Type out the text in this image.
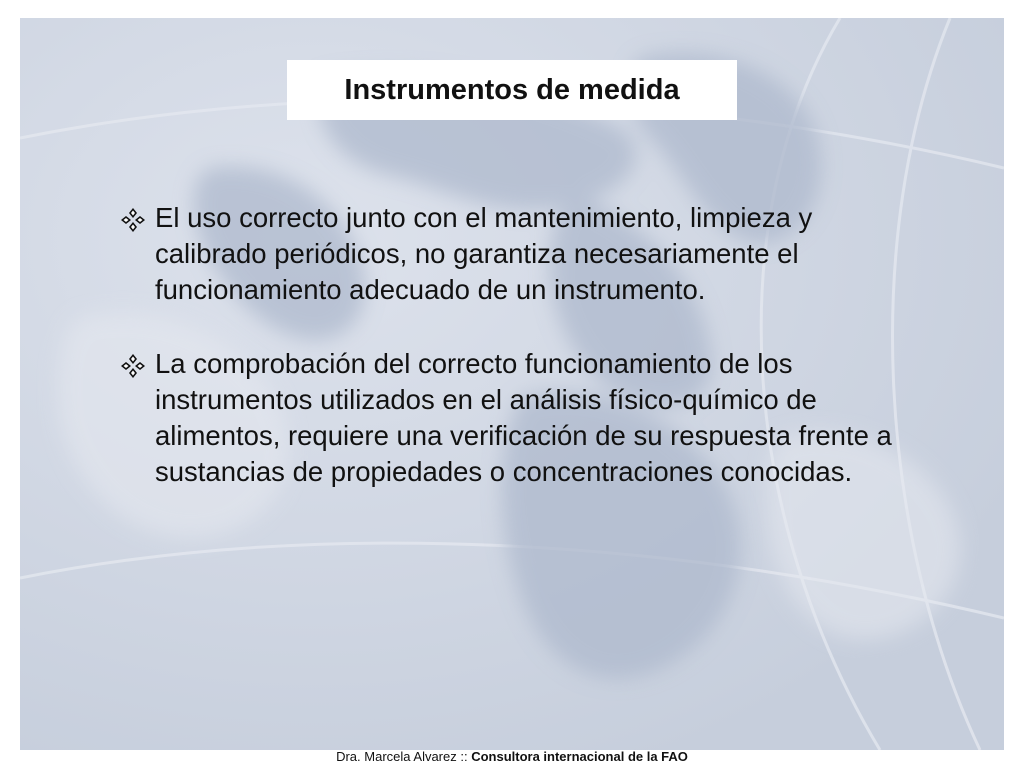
Instrumentos de medida
El uso correcto junto con el mantenimiento, limpieza y calibrado periódicos, no garantiza necesariamente el funcionamiento adecuado de un instrumento.
La comprobación del correcto funcionamiento de los instrumentos utilizados en el análisis físico-químico de alimentos, requiere una verificación de su respuesta frente a sustancias de propiedades o concentraciones conocidas.
Dra. Marcela Alvarez :: Consultora internacional de la FAO
